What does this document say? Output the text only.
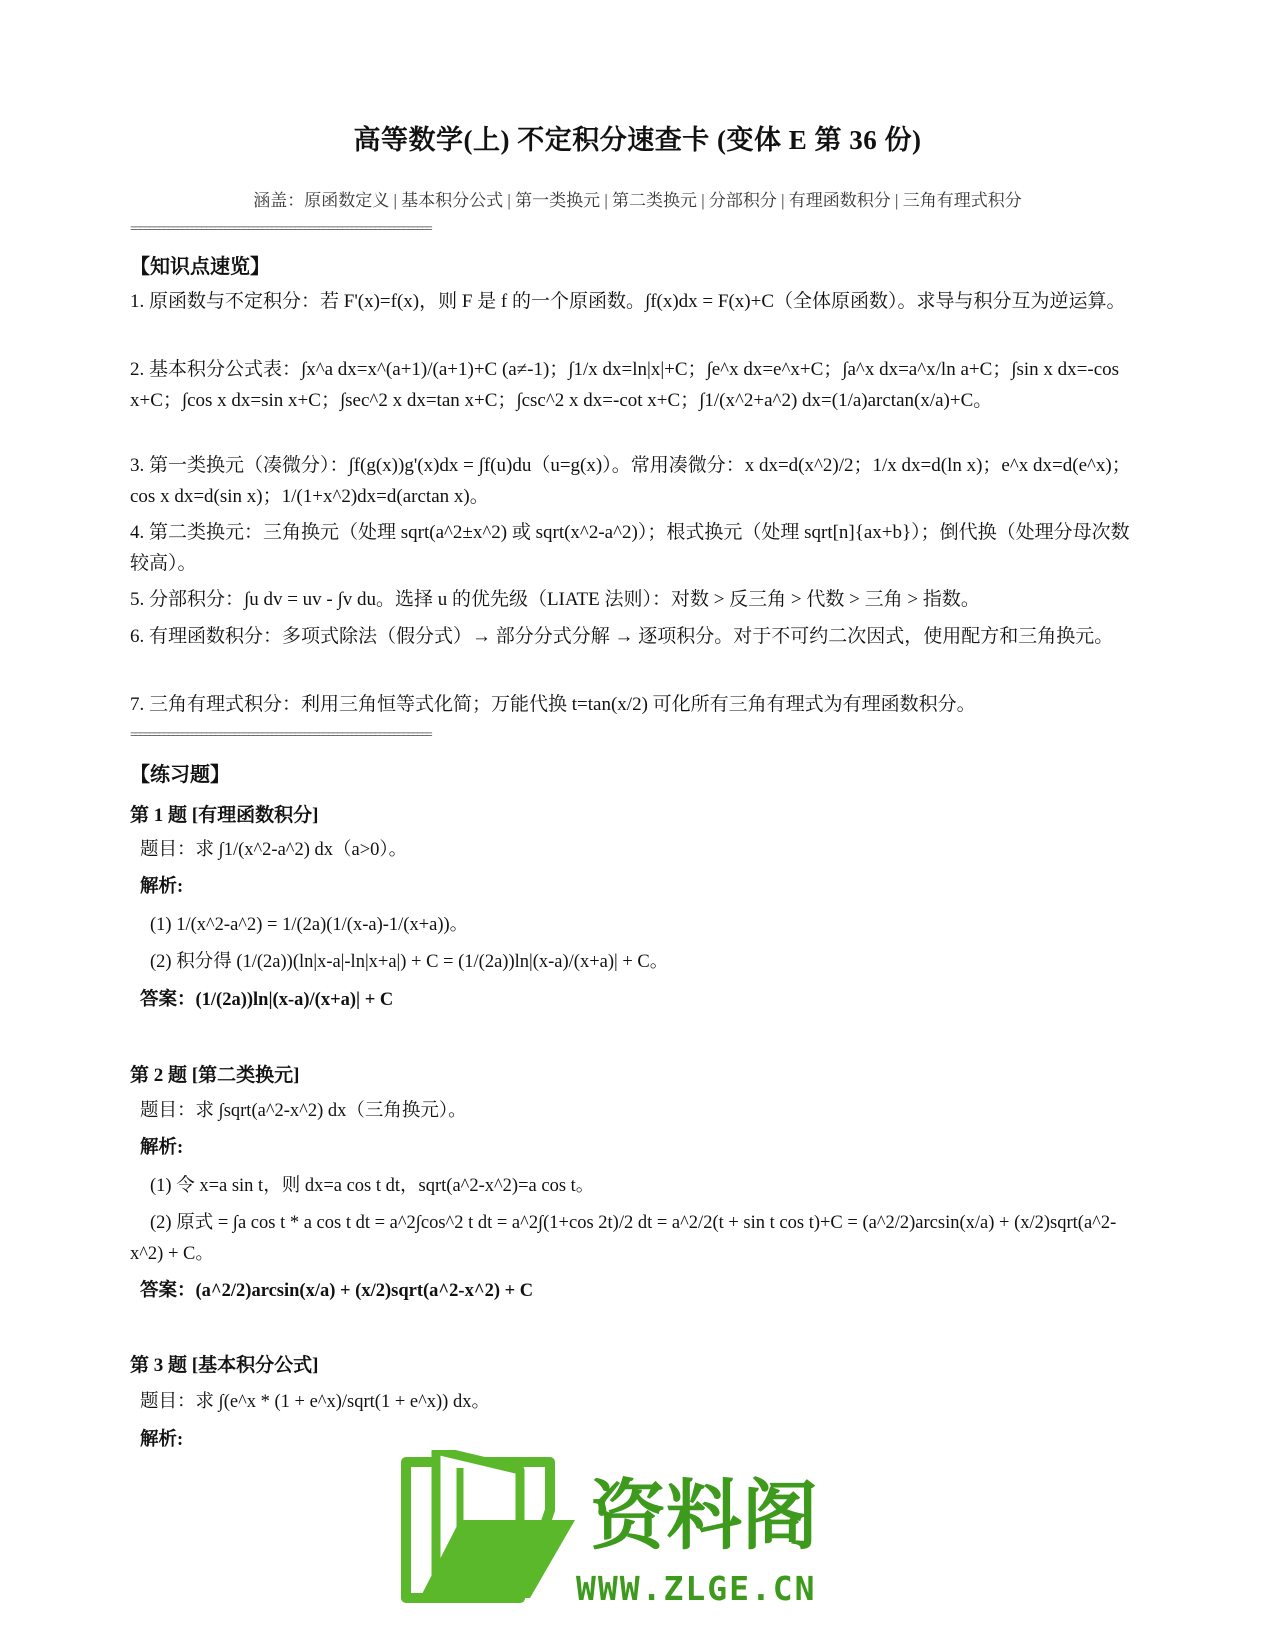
高等数学(上) 不定积分速查卡 (变体 E 第 36 份)
涵盖：原函数定义 | 基本积分公式 | 第一类换元 | 第二类换元 | 分部积分 | 有理函数积分 | 三角有理式积分
================================================================
【知识点速览】
1. 原函数与不定积分：若 F'(x)=f(x)，则 F 是 f 的一个原函数。∫f(x)dx = F(x)+C（全体原函数）。求导与积分互为逆运算。
2. 基本积分公式表：∫x^a dx=x^(a+1)/(a+1)+C (a≠-1)；∫1/x dx=ln|x|+C；∫e^x dx=e^x+C；∫a^x dx=a^x/ln a+C；∫sin x dx=-cos x+C；∫cos x dx=sin x+C；∫sec^2 x dx=tan x+C；∫csc^2 x dx=-cot x+C；∫1/(x^2+a^2) dx=(1/a)arctan(x/a)+C。
3. 第一类换元（凑微分）：∫f(g(x))g'(x)dx = ∫f(u)du（u=g(x)）。常用凑微分：x dx=d(x^2)/2；1/x dx=d(ln x)；e^x dx=d(e^x)；cos x dx=d(sin x)；1/(1+x^2)dx=d(arctan x)。
4. 第二类换元：三角换元（处理 sqrt(a^2±x^2) 或 sqrt(x^2-a^2)）；根式换元（处理 sqrt[n]{ax+b}）；倒代换（处理分母次数较高）。
5. 分部积分：∫u dv = uv - ∫v du。选择 u 的优先级（LIATE 法则）：对数 > 反三角 > 代数 > 三角 > 指数。
6. 有理函数积分：多项式除法（假分式）→ 部分分式分解 → 逐项积分。对于不可约二次因式，使用配方和三角换元。
7. 三角有理式积分：利用三角恒等式化简；万能代换 t=tan(x/2) 可化所有三角有理式为有理函数积分。
================================================================
【练习题】
第 1 题 [有理函数积分]
题目：求 ∫1/(x^2-a^2) dx（a>0）。
解析:
(1) 1/(x^2-a^2) = 1/(2a)(1/(x-a)-1/(x+a))。
(2) 积分得 (1/(2a))(ln|x-a|-ln|x+a|) + C = (1/(2a))ln|(x-a)/(x+a)| + C。
答案：(1/(2a))ln|(x-a)/(x+a)| + C
第 2 题 [第二类换元]
题目：求 ∫sqrt(a^2-x^2) dx（三角换元）。
解析:
(1) 令 x=a sin t，则 dx=a cos t dt，sqrt(a^2-x^2)=a cos t。
(2) 原式 = ∫a cos t * a cos t dt = a^2∫cos^2 t dt = a^2∫(1+cos 2t)/2 dt = a^2/2(t + sin t cos t)+C = (a^2/2)arcsin(x/a) + (x/2)sqrt(a^2-x^2) + C。
答案：(a^2/2)arcsin(x/a) + (x/2)sqrt(a^2-x^2) + C
第 3 题 [基本积分公式]
题目：求 ∫(e^x * (1 + e^x)/sqrt(1 + e^x)) dx。
解析:
资料阁
WWW.ZLGE.CN
